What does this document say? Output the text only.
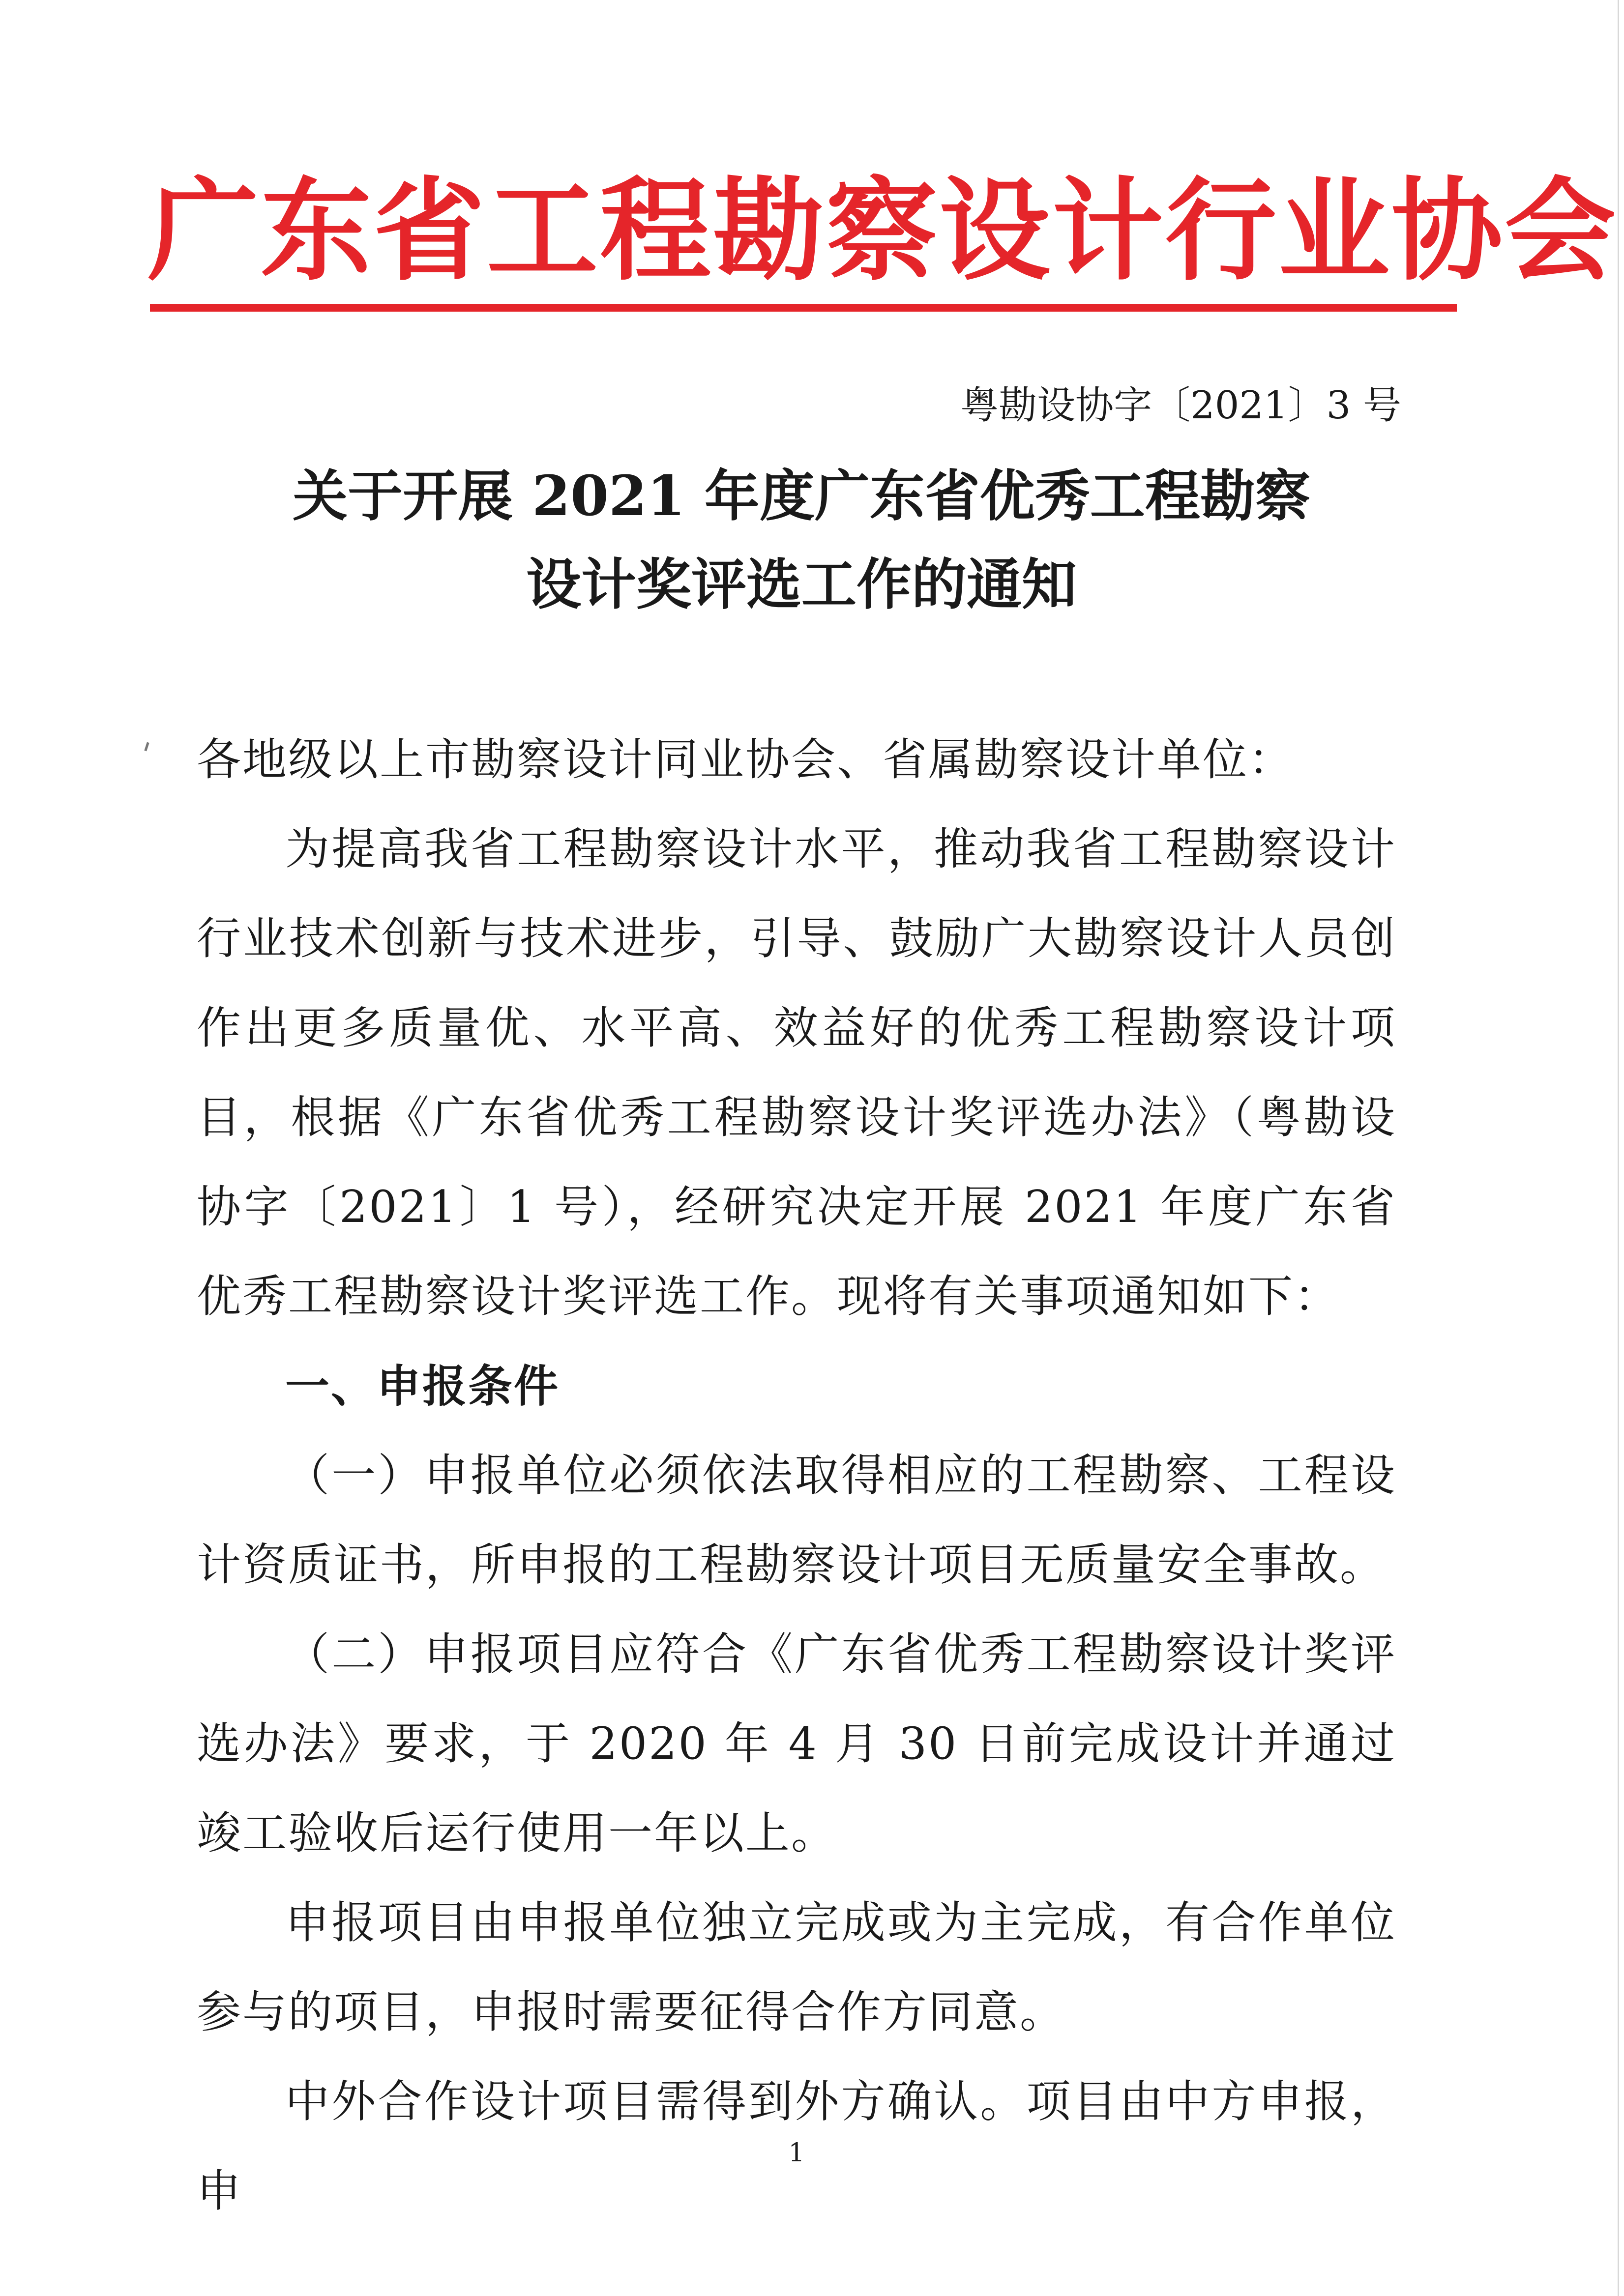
广东省工程勘察设计行业协会
粤勘设协字〔2021〕3 号
关于开展 2021 年度广东省优秀工程勘察
设计奖评选工作的通知

各地级以上市勘察设计同业协会、省属勘察设计单位：

为提高我省工程勘察设计水平，推动我省工程勘察设计行业技术创新与技术进步，引导、鼓励广大勘察设计人员创作出更多质量优、水平高、效益好的优秀工程勘察设计项目，根据《广东省优秀工程勘察设计奖评选办法》（粤勘设协字〔2021〕1 号），经研究决定开展 2021 年度广东省优秀工程勘察设计奖评选工作。现将有关事项通知如下：

一、申报条件

（一）申报单位必须依法取得相应的工程勘察、工程设计资质证书，所申报的工程勘察设计项目无质量安全事故。

（二）申报项目应符合《广东省优秀工程勘察设计奖评选办法》要求，于 2020 年 4 月 30 日前完成设计并通过竣工验收后运行使用一年以上。

申报项目由申报单位独立完成或为主完成，有合作单位参与的项目，申报时需要征得合作方同意。

中外合作设计项目需得到外方确认。项目由中方申报，申

1
